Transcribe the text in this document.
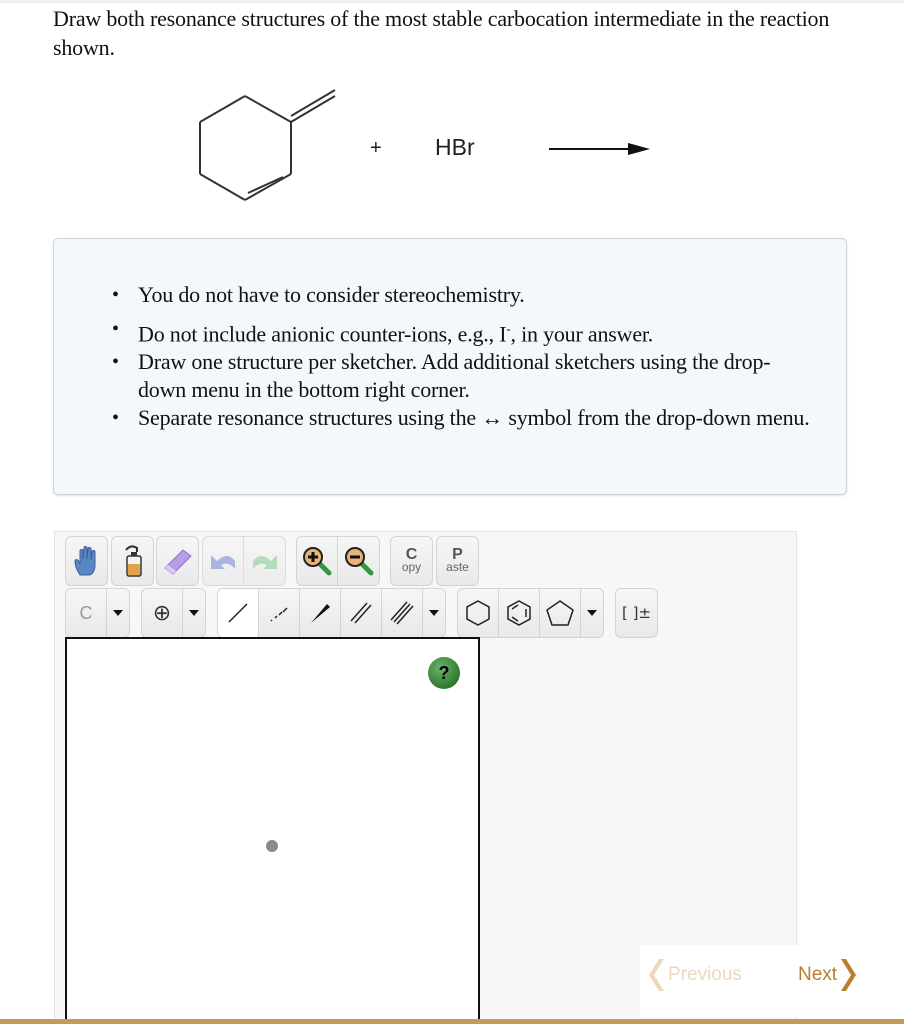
Draw both resonance structures of the most stable carbocation intermediate in the reaction shown.
+ HBr
• You do not have to consider stereochemistry.
• Do not include anionic counter-ions, e.g., I-, in your answer.
• Draw one structure per sketcher. Add additional sketchers using the drop-down menu in the bottom right corner.
• Separate resonance structures using the ↔ symbol from the drop-down menu.
C
opy
P
aste
C	⊕	[ ]±
?
Previous	Next
